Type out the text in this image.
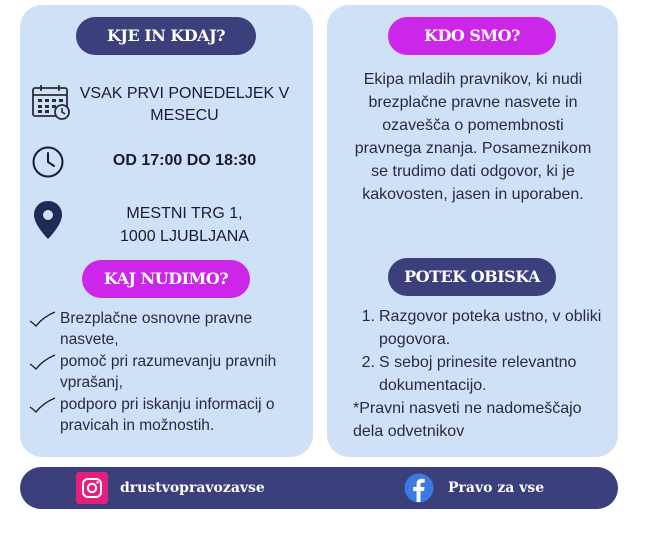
KJE IN KDAJ?
VSAK PRVI PONEDELJEK V MESECU
OD 17:00 DO 18:30
MESTNI TRG 1,
1000 LJUBLJANA
KAJ NUDIMO?
Brezplačne osnovne pravne nasvete,
pomoč pri razumevanju pravnih vprašanj,
podporo pri iskanju informacij o pravicah in možnostih.
KDO SMO?
Ekipa mladih pravnikov, ki nudi brezplačne pravne nasvete in ozavešča o pomembnosti pravnega znanja. Posameznikom se trudimo dati odgovor, ki je kakovosten, jasen in uporaben.
POTEK OBISKA
1. Razgovor poteka ustno, v obliki pogovora.
2. S seboj prinesite relevantno dokumentacijo.
*Pravni nasveti ne nadomeščajo dela odvetnikov
drustvopravozavse	Pravo za vse
